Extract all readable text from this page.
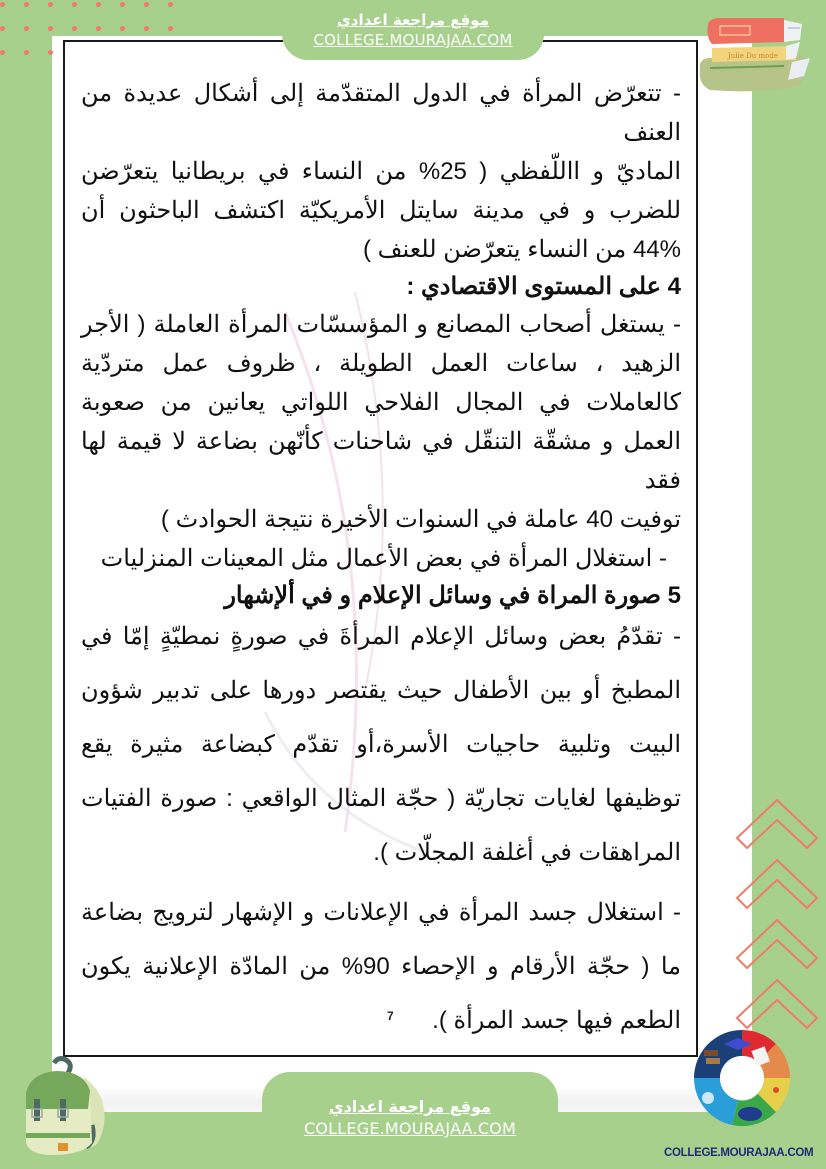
- تتعرّض المرأة في الدول المتقدّمة إلى أشكال عديدة من العنف
الماديّ و االلّفظي ( 25% من النساء في بريطانيا يتعرّضن
للضرب و في مدينة سايتل الأمريكيّة اكتشف الباحثون أن
44% من النساء يتعرّضن للعنف )
4 على المستوى الاقتصادي :
- يستغل أصحاب المصانع و المؤسسّات المرأة العاملة ( الأجر
الزهيد ، ساعات العمل الطويلة ، ظروف عمل متردّية
كالعاملات في المجال الفلاحي اللواتي يعانين من صعوبة
العمل و مشقّة التنقّل في شاحنات كأنّهن بضاعة لا قيمة لها فقد
توفيت 40 عاملة في السنوات الأخيرة نتيجة الحوادث )
- استغلال المرأة في بعض الأعمال مثل المعينات المنزليات
5 صورة المراة في وسائل الإعلام و في ألإشهار
- تقدّمُ بعض وسائل الإعلام المرأةَ في صورةٍ نمطيّةٍ إمّا في
المطبخ أو بين الأطفال حيث يقتصر دورها على تدبير شؤون
البيت وتلبية حاجيات الأسرة،أو تقدّم كبضاعة مثيرة يقع
توظيفها لغايات تجاريّة ( حجّة المثال الواقعي : صورة الفتيات
المراهقات في أغلفة المجلّات ).
- استغلال جسد المرأة في الإعلانات و الإشهار لترويج بضاعة
ما ( حجّة الأرقام و الإحصاء 90% من المادّة الإعلانية يكون
الطعم فيها جسد المرأة ).
7
موقع مراجعة اعدادي
COLLEGE.MOURAJAA.COM
موقع مراجعة اعدادي
COLLEGE.MOURAJAA.COM
Julie Du mode
COLLEGE.MOURAJAA.COM
